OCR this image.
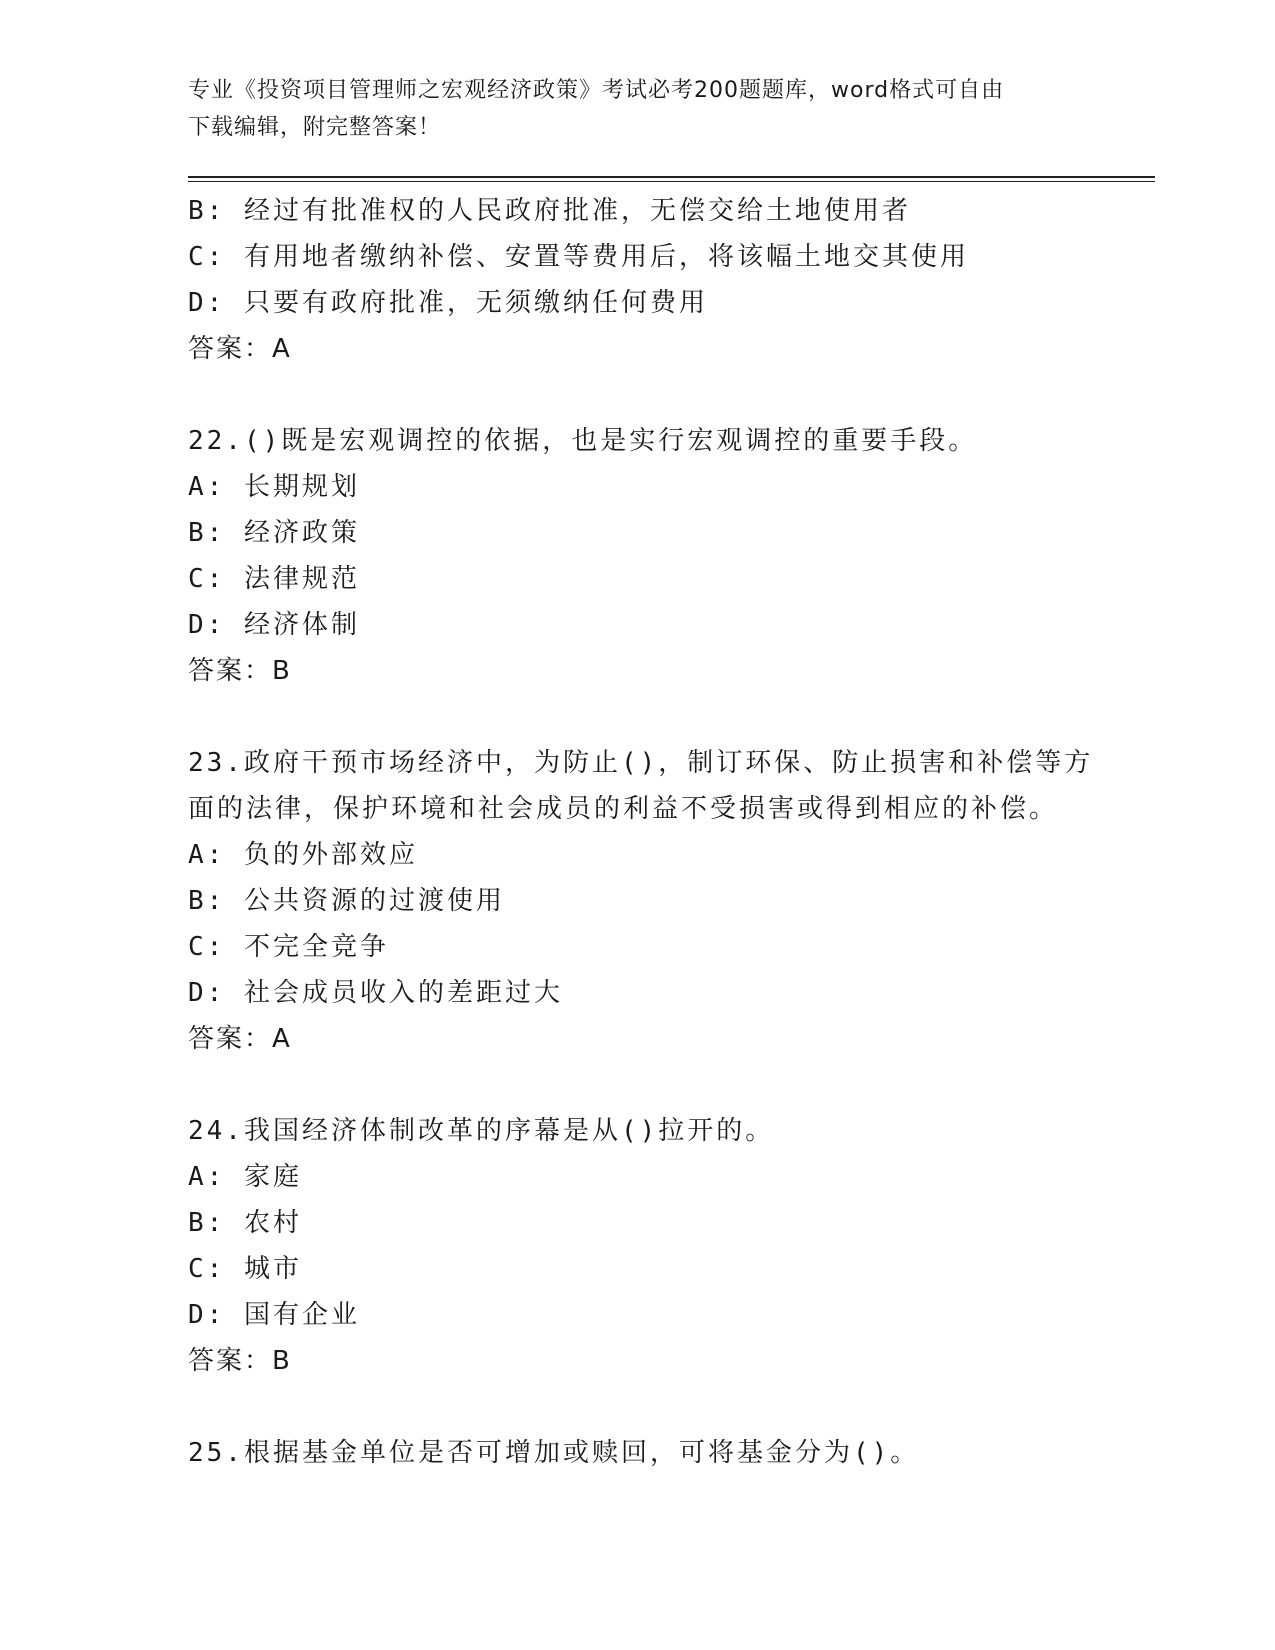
专业《投资项目管理师之宏观经济政策》考试必考200题题库，word格式可自由
下载编辑，附完整答案！
B: 经过有批准权的人民政府批准，无偿交给土地使用者
C: 有用地者缴纳补偿、安置等费用后，将该幅土地交其使用
D: 只要有政府批准，无须缴纳任何费用
答案：A
22.()既是宏观调控的依据，也是实行宏观调控的重要手段。
A: 长期规划
B: 经济政策
C: 法律规范
D: 经济体制
答案：B
23.政府干预市场经济中，为防止()，制订环保、防止损害和补偿等方
面的法律，保护环境和社会成员的利益不受损害或得到相应的补偿。
A: 负的外部效应
B: 公共资源的过渡使用
C: 不完全竞争
D: 社会成员收入的差距过大
答案：A
24.我国经济体制改革的序幕是从()拉开的。
A: 家庭
B: 农村
C: 城市
D: 国有企业
答案：B
25.根据基金单位是否可增加或赎回，可将基金分为()。
